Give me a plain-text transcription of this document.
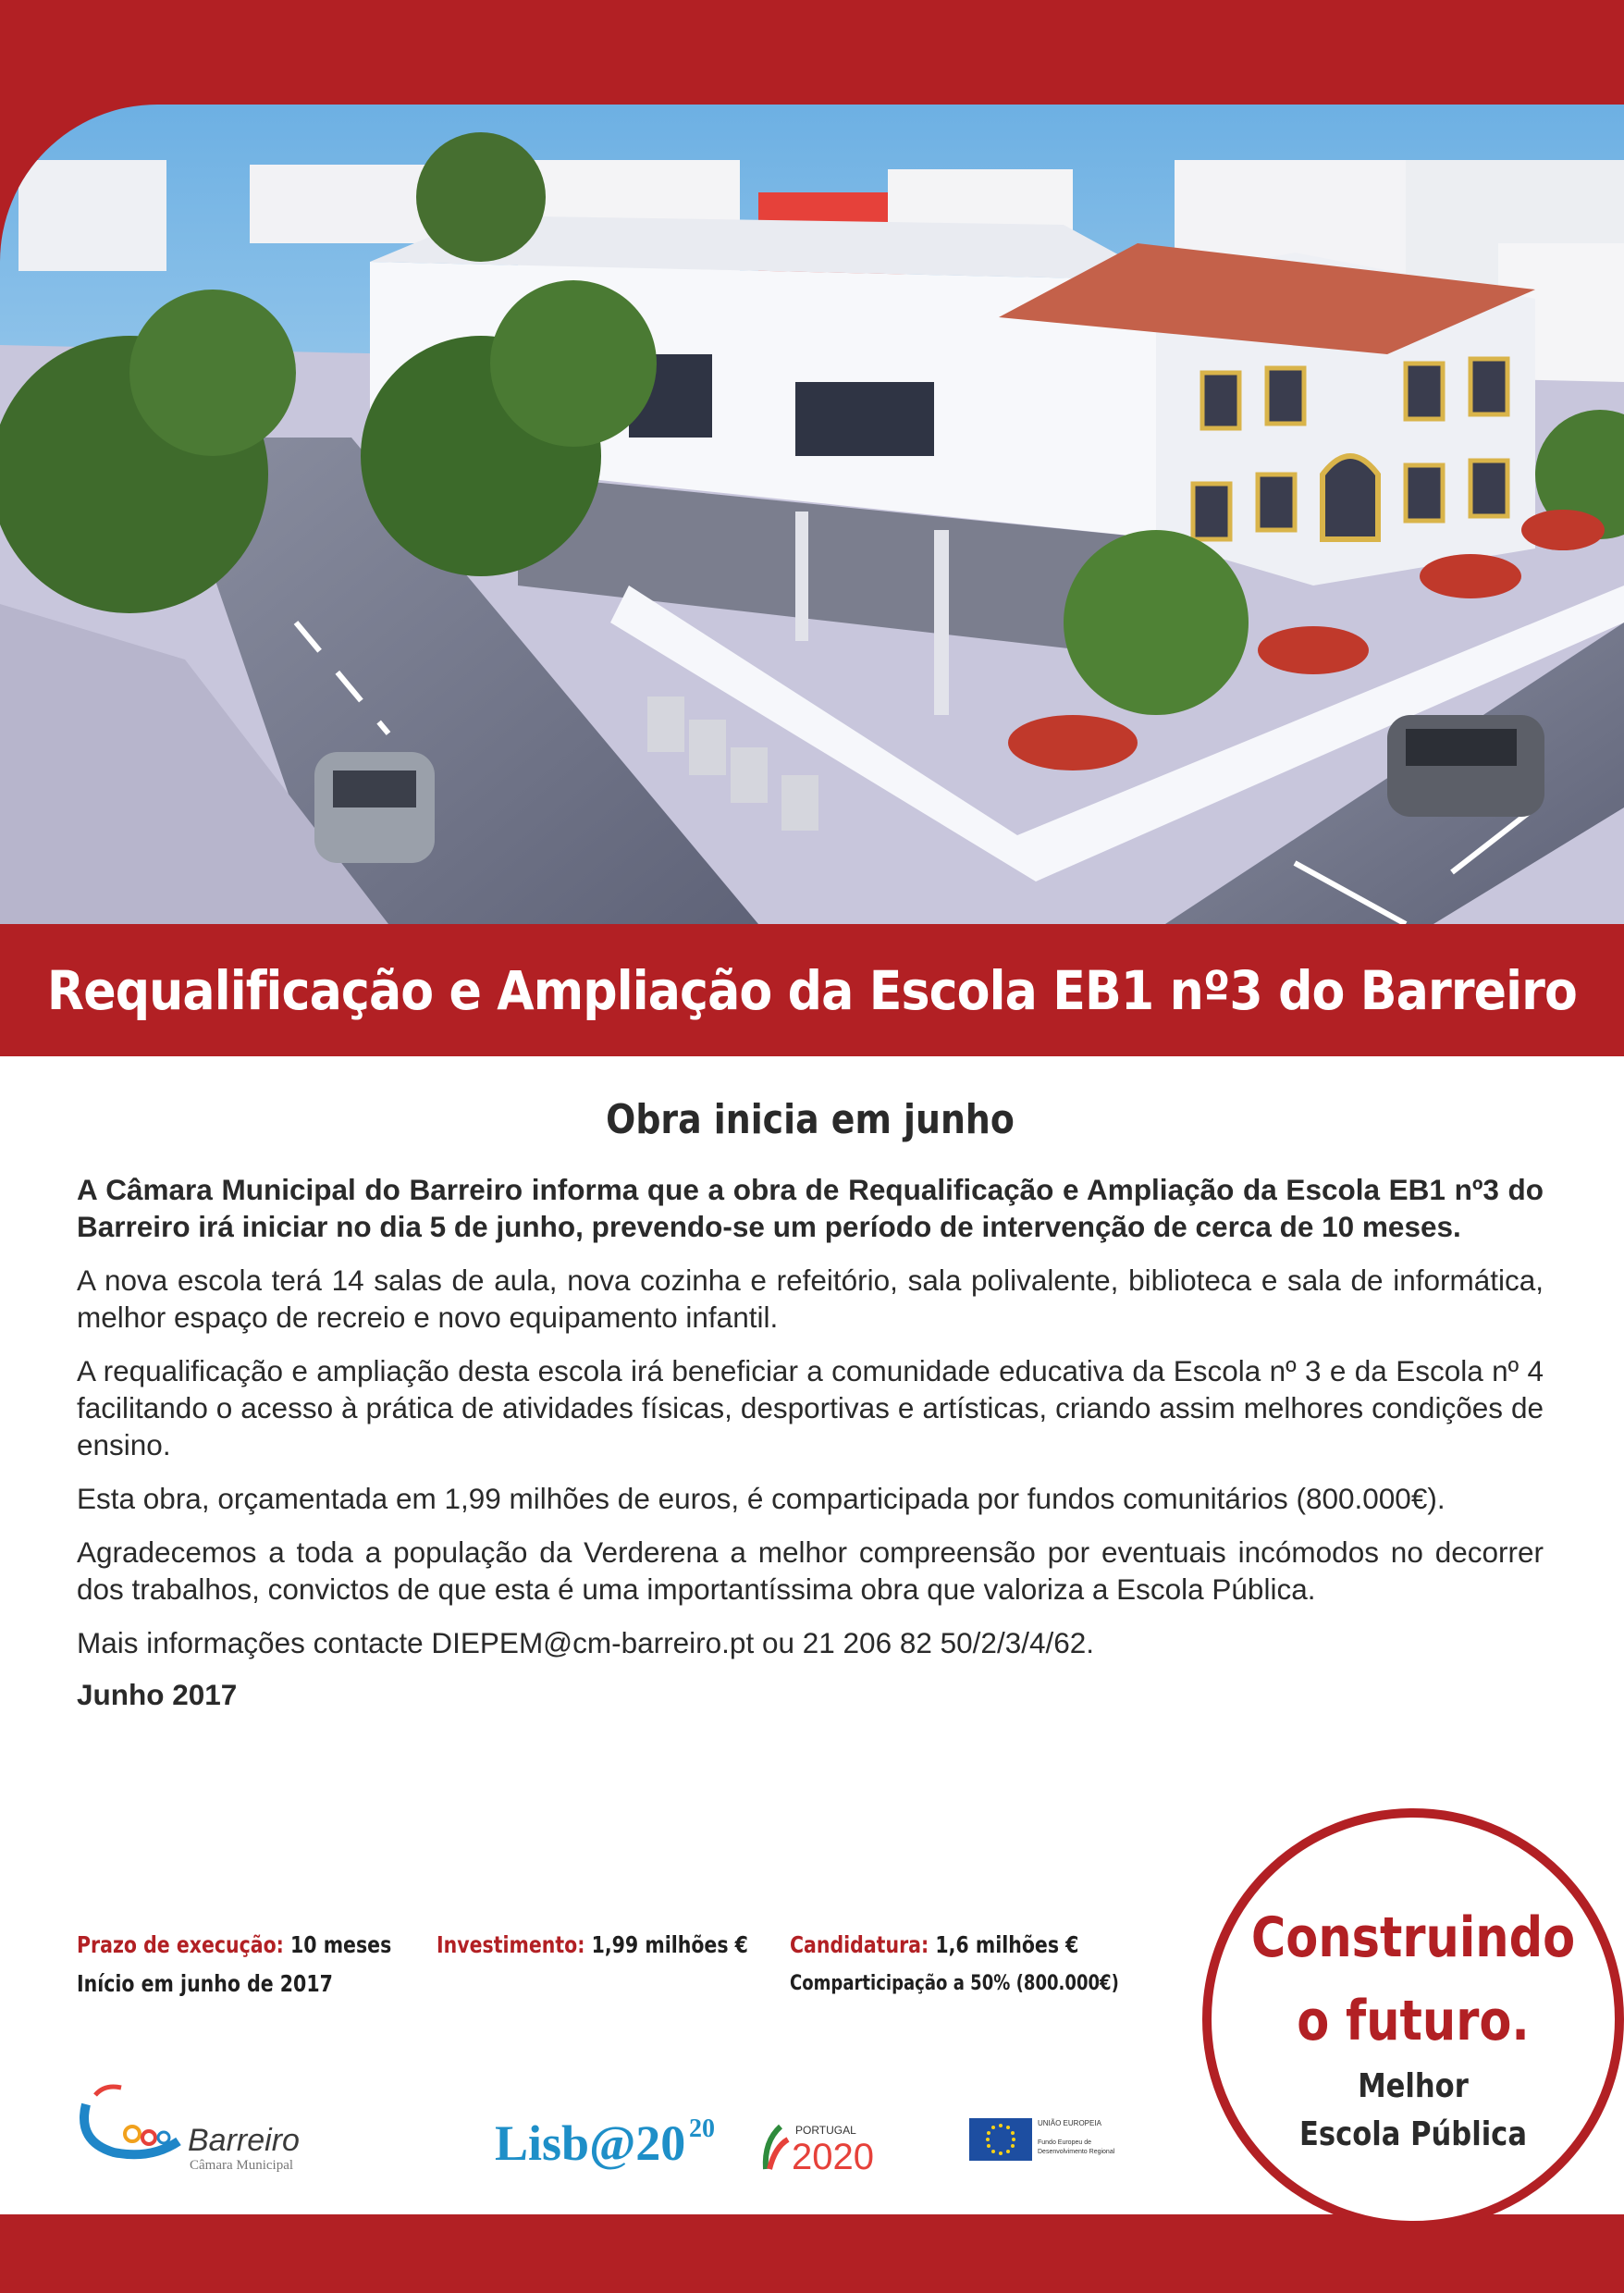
Requalificação e Ampliação da Escola EB1 nº3 do Barreiro
Obra inicia em junho

A Câmara Municipal do Barreiro informa que a obra de Requalificação e Ampliação da Escola EB1 nº3 do Barreiro irá iniciar no dia 5 de junho, prevendo-se um período de intervenção de cerca de 10 meses.

A nova escola terá 14 salas de aula, nova cozinha e refeitório, sala polivalente, biblioteca e sala de informática, melhor espaço de recreio e novo equipamento infantil.

A requalificação e ampliação desta escola irá beneficiar a comunidade educativa da Escola nº 3 e da Escola nº 4 facilitando o acesso à prática de atividades físicas, desportivas e artísticas, criando assim melhores condições de ensino.

Esta obra, orçamentada em 1,99 milhões de euros, é comparticipada por fundos comunitários (800.000€).

Agradecemos a toda a população da Verderena a melhor compreensão por eventuais incómodos no decorrer dos trabalhos, convictos de que esta é uma importantíssima obra que valoriza a Escola Pública.

Mais informações contacte DIEPEM@cm-barreiro.pt ou 21 206 82 50/2/3/4/62.

Junho 2017
Prazo de execução: 10 meses
Início em junho de 2017
Investimento: 1,99 milhões € Candidatura: 1,6 milhões €
Comparticipação a 50% (800.000€)
Construindo
o futuro.
Melhor
Escola Pública
Barreiro
Câmara Municipal	Lisb@20 20	PORTUGAL
2020
UNIÃO EUROPEIA
Fundo Europeu de
Desenvolvimento Regional
